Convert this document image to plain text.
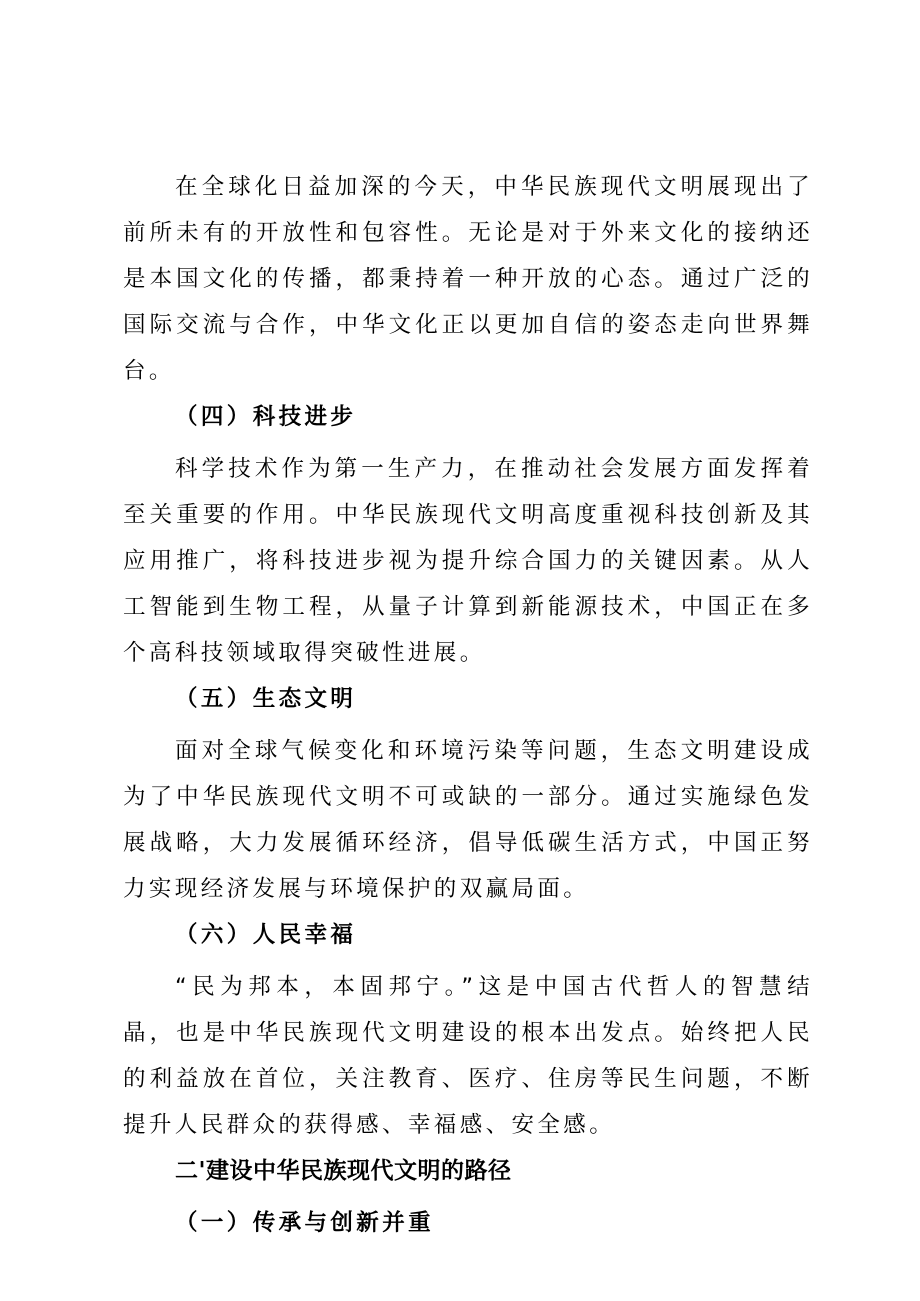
在全球化日益加深的今天，中华民族现代文明展现出了前所未有的开放性和包容性。无论是对于外来文化的接纳还是本国文化的传播，都秉持着一种开放的心态。通过广泛的国际交流与合作，中华文化正以更加自信的姿态走向世界舞台。

（四）科技进步

科学技术作为第一生产力，在推动社会发展方面发挥着至关重要的作用。中华民族现代文明高度重视科技创新及其应用推广，将科技进步视为提升综合国力的关键因素。从人工智能到生物工程，从量子计算到新能源技术，中国正在多个高科技领域取得突破性进展。

（五）生态文明

面对全球气候变化和环境污染等问题，生态文明建设成为了中华民族现代文明不可或缺的一部分。通过实施绿色发展战略，大力发展循环经济，倡导低碳生活方式，中国正努力实现经济发展与环境保护的双赢局面。

（六）人民幸福

“民为邦本，本固邦宁。”这是中国古代哲人的智慧结晶，也是中华民族现代文明建设的根本出发点。始终把人民的利益放在首位，关注教育、医疗、住房等民生问题，不断提升人民群众的获得感、幸福感、安全感。

二'建设中华民族现代文明的路径
（一）传承与创新并重
